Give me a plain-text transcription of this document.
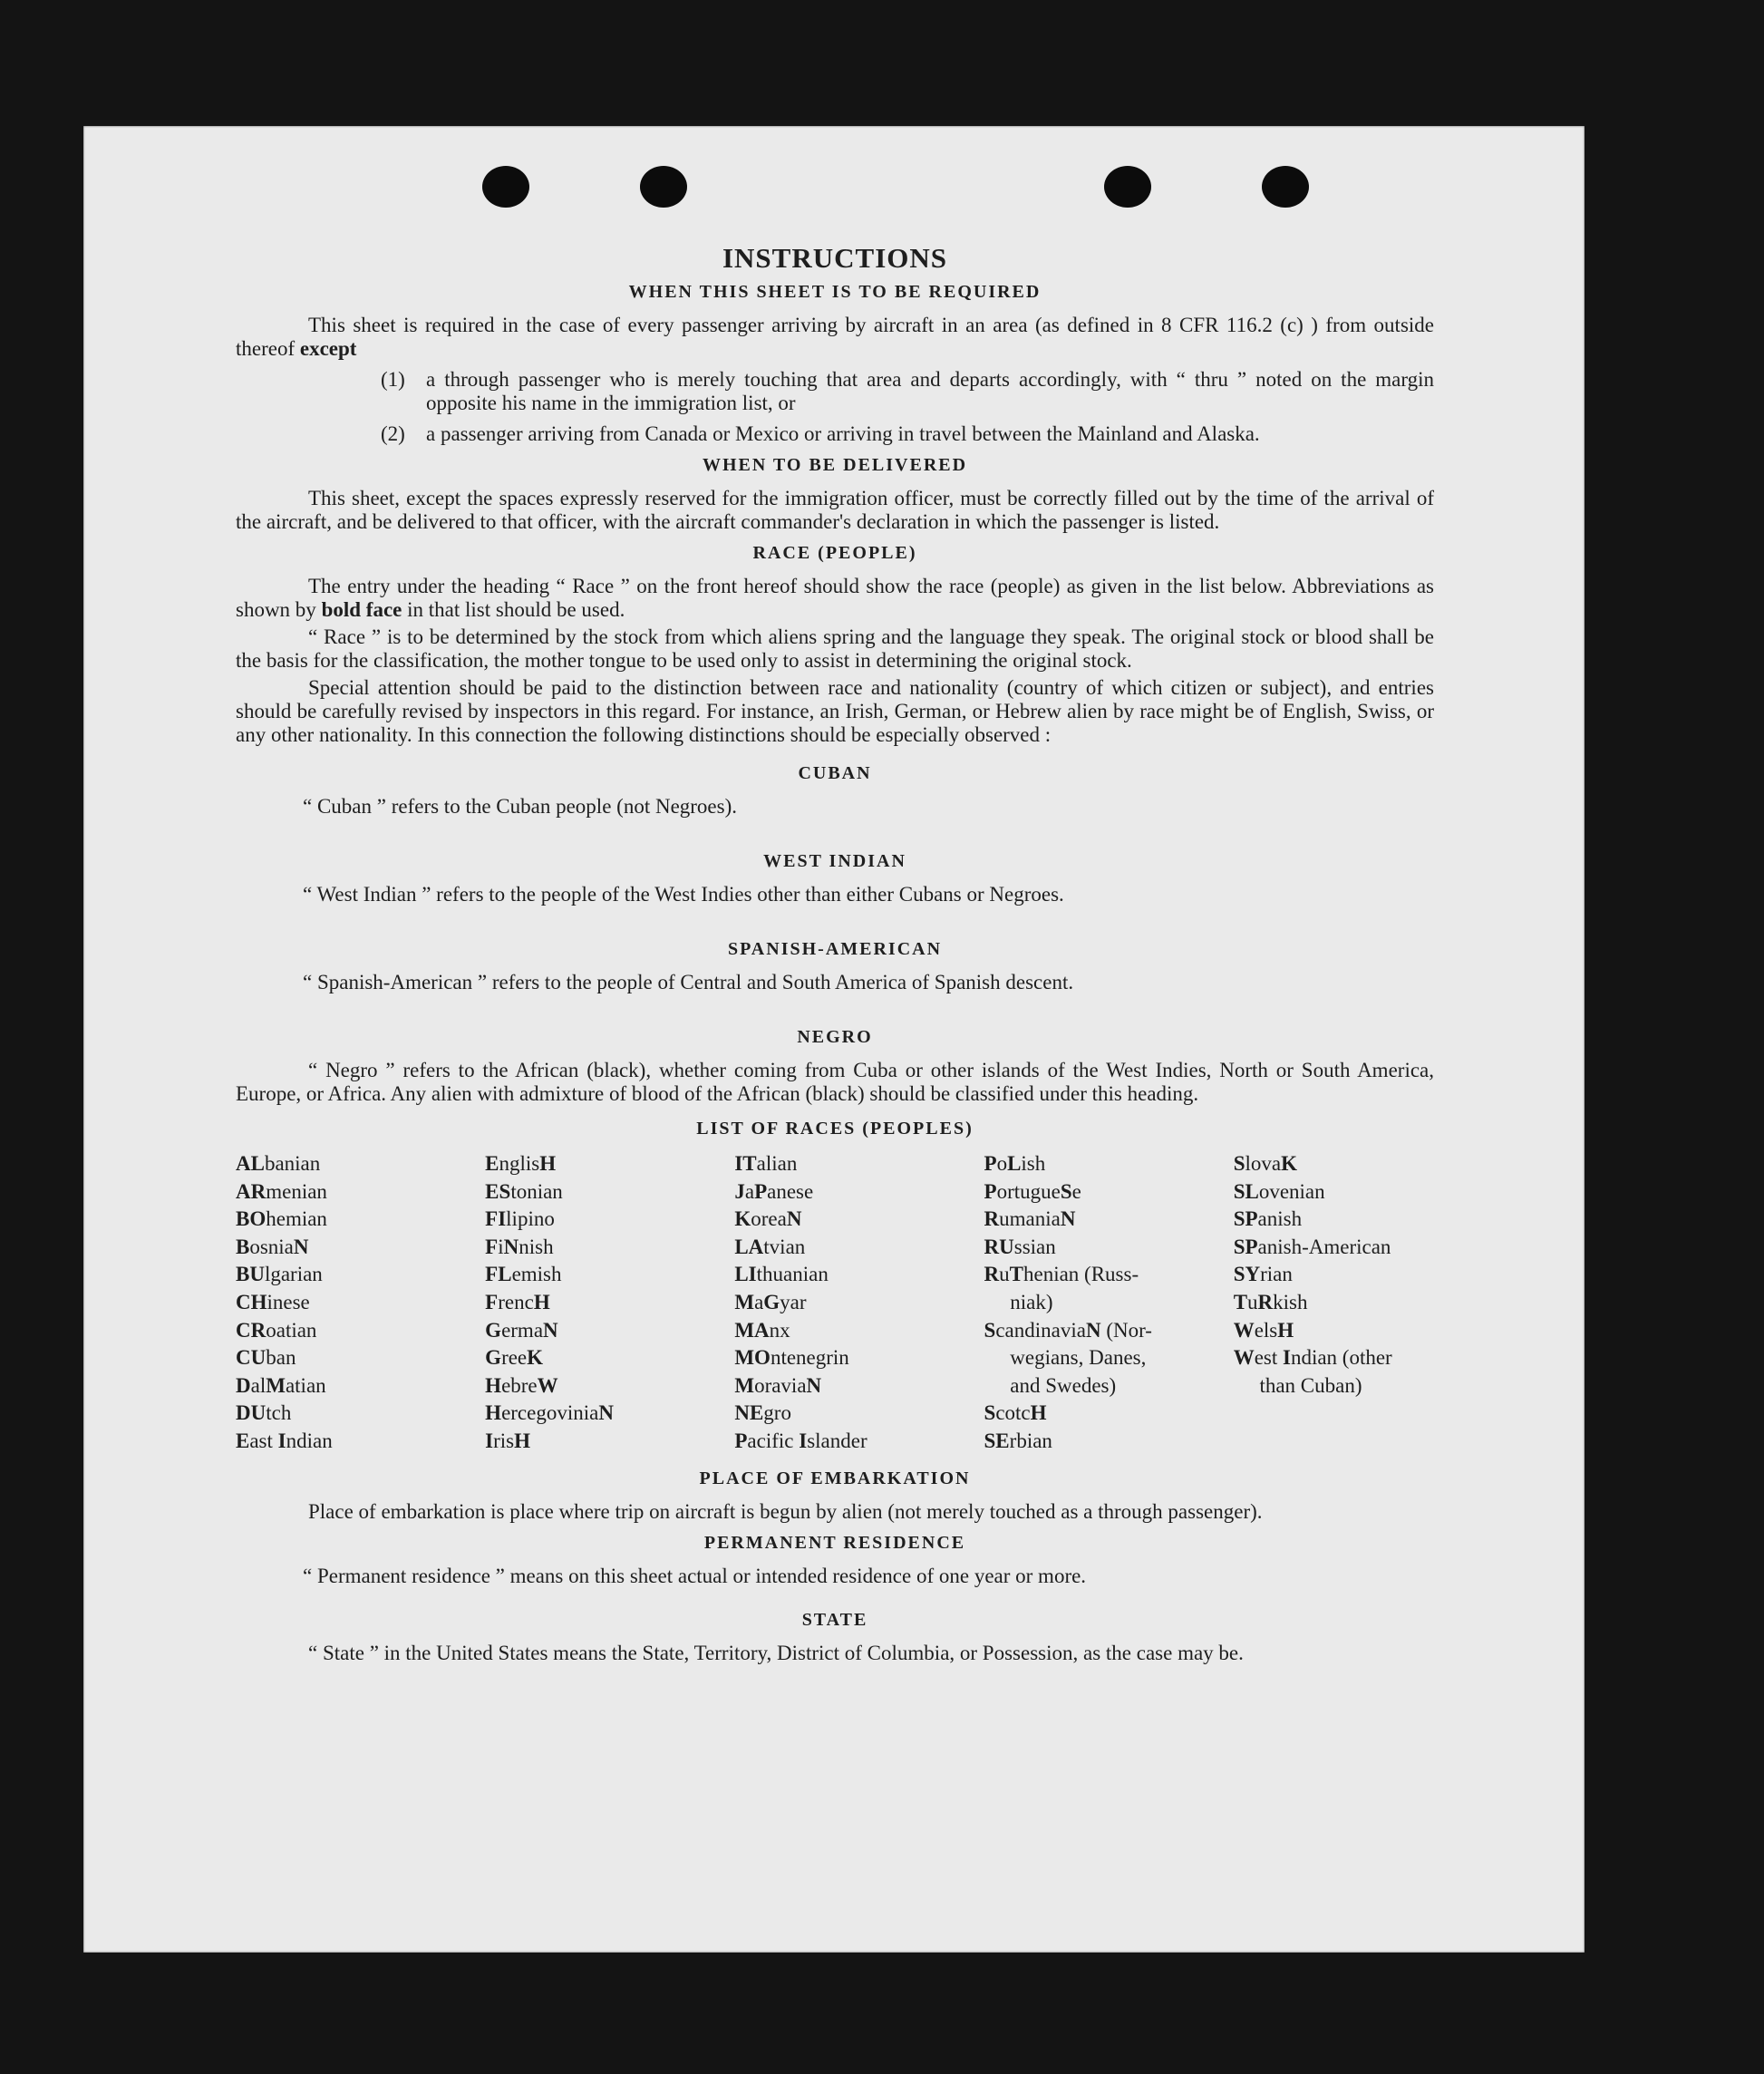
INSTRUCTIONS
WHEN THIS SHEET IS TO BE REQUIRED

This sheet is required in the case of every passenger arriving by aircraft in an area (as defined in 8 CFR 116.2 (c) ) from outside thereof except

(1)	a through passenger who is merely touching that area and departs accordingly, with “ thru ” noted on the margin opposite his name in the immigration list, or
(2)	a passenger arriving from Canada or Mexico or arriving in travel between the Mainland and Alaska.
WHEN TO BE DELIVERED

This sheet, except the spaces expressly reserved for the immigration officer, must be correctly filled out by the time of the arrival of the aircraft, and be delivered to that officer, with the aircraft commander's declaration in which the passenger is listed.

RACE (PEOPLE)

The entry under the heading “ Race ” on the front hereof should show the race (people) as given in the list below. Abbreviations as shown by bold face in that list should be used.

“ Race ” is to be determined by the stock from which aliens spring and the language they speak. The original stock or blood shall be the basis for the classification, the mother tongue to be used only to assist in determining the original stock.

Special attention should be paid to the distinction between race and nationality (country of which citizen or subject), and entries should be carefully revised by inspectors in this regard. For instance, an Irish, German, or Hebrew alien by race might be of English, Swiss, or any other nationality. In this connection the following distinctions should be especially observed :

CUBAN
“ Cuban ” refers to the Cuban people (not Negroes).
WEST INDIAN
“ West Indian ” refers to the people of the West Indies other than either Cubans or Negroes.
SPANISH-AMERICAN
“ Spanish-American ” refers to the people of Central and South America of Spanish descent.
NEGRO

“ Negro ” refers to the African (black), whether coming from Cuba or other islands of the West Indies, North or South America, Europe, or Africa. Any alien with admixture of blood of the African (black) should be classified under this heading.

LIST OF RACES (PEOPLES)
ALbanian
ARmenian
BOhemian
BosniaN
BUlgarian
CHinese
CRoatian
CUban
DalMatian
DUtch
East Indian
EnglisH
EStonian
FIlipino
FiNnish
FLemish
FrencH
GermaN
GreeK
HebreW
HercegoviniaN
IrisH
ITalian
JaPanese
KoreaN
LAtvian
LIthuanian
MaGyar
MAnx
MOntenegrin
MoraviaN
NEgro
Pacific Islander
PoLish
PortugueSe
RumaniaN
RUssian
RuThenian (Russ-
  niak)
ScandinaviaN (Nor-
  wegians, Danes,
  and Swedes)
ScotcH
SErbian
SlovaK
SLovenian
SPanish
SPanish-American
SYrian
TuRkish
WelsH
West Indian (other
  than Cuban)
PLACE OF EMBARKATION

Place of embarkation is place where trip on aircraft is begun by alien (not merely touched as a through passenger).

PERMANENT RESIDENCE
“ Permanent residence ” means on this sheet actual or intended residence of one year or more.
STATE

“ State ” in the United States means the State, Territory, District of Columbia, or Possession, as the case may be.
